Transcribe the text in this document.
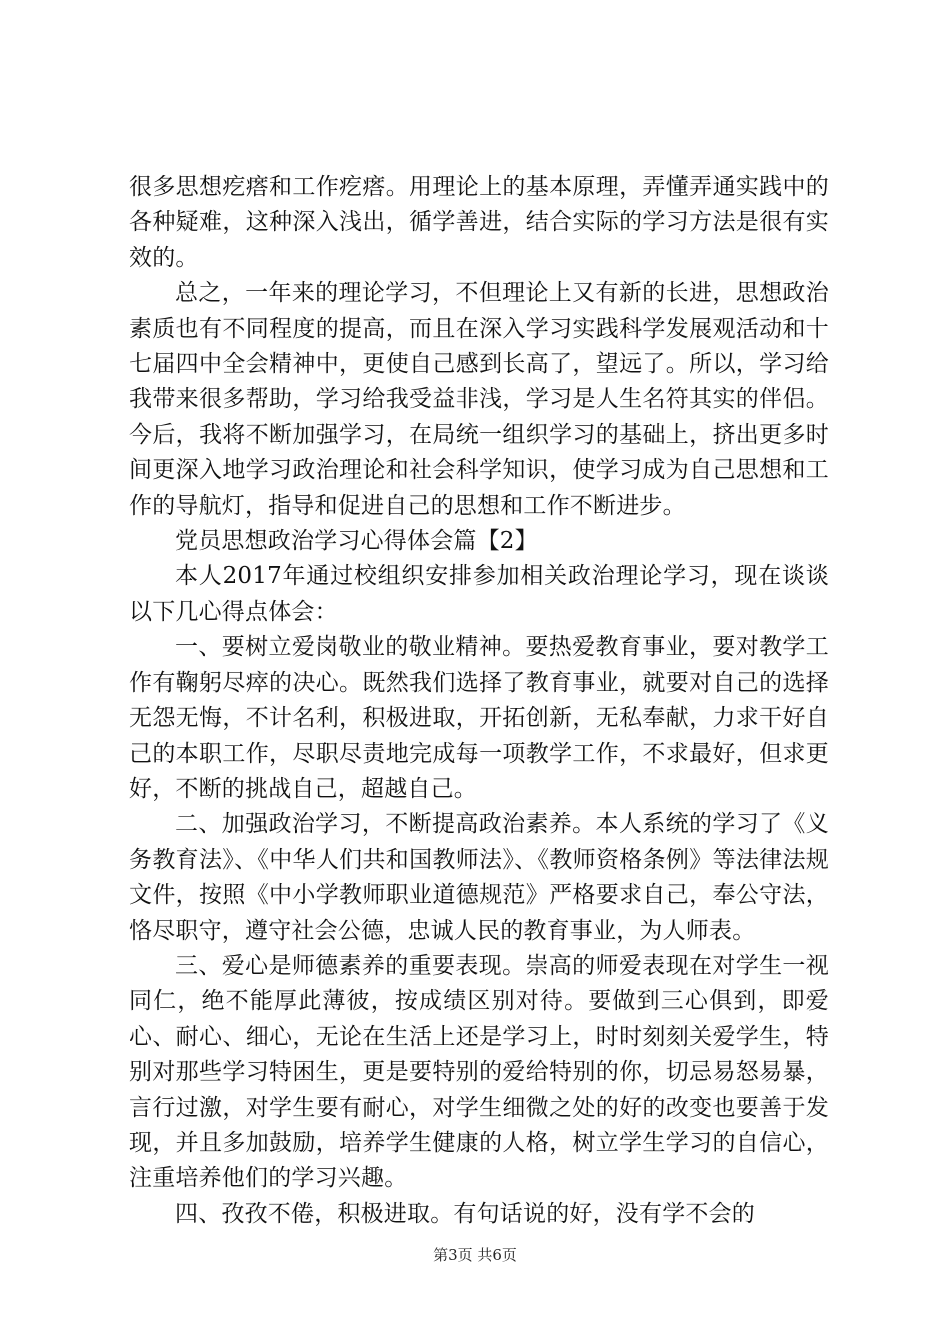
很多思想疙瘩和工作疙瘩。用理论上的基本原理，弄懂弄通实践中的各种疑难，这种深入浅出，循学善进，结合实际的学习方法是很有实效的。

总之，一年来的理论学习，不但理论上又有新的长进，思想政治素质也有不同程度的提高，而且在深入学习实践科学发展观活动和十七届四中全会精神中，更使自己感到长高了，望远了。所以，学习给我带来很多帮助，学习给我受益非浅，学习是人生名符其实的伴侣。今后，我将不断加强学习，在局统一组织学习的基础上，挤出更多时间更深入地学习政治理论和社会科学知识，使学习成为自己思想和工作的导航灯，指导和促进自己的思想和工作不断进步。

党员思想政治学习心得体会篇【2】

本人2017年通过校组织安排参加相关政治理论学习，现在谈谈以下几心得点体会：

一、要树立爱岗敬业的敬业精神。要热爱教育事业，要对教学工作有鞠躬尽瘁的决心。既然我们选择了教育事业，就要对自己的选择无怨无悔，不计名利，积极进取，开拓创新，无私奉献，力求干好自己的本职工作，尽职尽责地完成每一项教学工作，不求最好，但求更好，不断的挑战自己，超越自己。

二、加强政治学习，不断提高政治素养。本人系统的学习了《义务教育法》、《中华人们共和国教师法》、《教师资格条例》等法律法规文件，按照《中小学教师职业道德规范》严格要求自己，奉公守法，恪尽职守，遵守社会公德，忠诚人民的教育事业，为人师表。

三、爱心是师德素养的重要表现。崇高的师爱表现在对学生一视同仁，绝不能厚此薄彼，按成绩区别对待。要做到三心俱到，即爱心、耐心、细心，无论在生活上还是学习上，时时刻刻关爱学生，特别对那些学习特困生，更是要特别的爱给特别的你，切忌易怒易暴，言行过激，对学生要有耐心，对学生细微之处的好的改变也要善于发现，并且多加鼓励，培养学生健康的人格，树立学生学习的自信心，注重培养他们的学习兴趣。

四、孜孜不倦，积极进取。有句话说的好，没有学不会的

第3页 共6页
